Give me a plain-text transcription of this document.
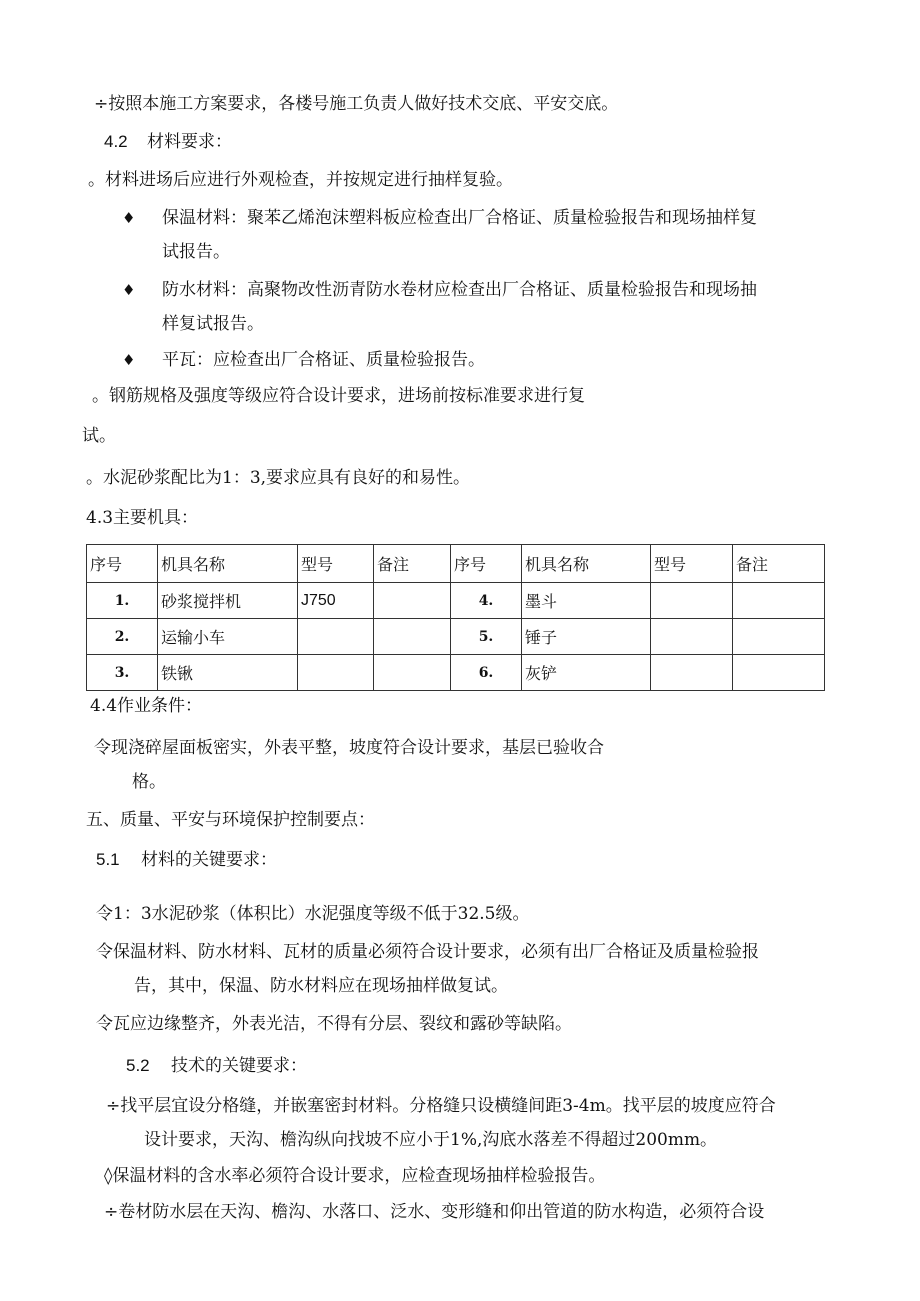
÷按照本施工方案要求，各楼号施工负责人做好技术交底、平安交底。
4.2 材料要求：
。材料进场后应进行外观检查，并按规定进行抽样复验。
♦ 保温材料：聚苯乙烯泡沫塑料板应检查出厂合格证、质量检验报告和现场抽样复
试报告。
♦ 防水材料：高聚物改性沥青防水卷材应检查出厂合格证、质量检验报告和现场抽
样复试报告。
♦ 平瓦：应检查出厂合格证、质量检验报告。
。钢筋规格及强度等级应符合设计要求，进场前按标准要求进行复
试。
。水泥砂浆配比为1：3,要求应具有良好的和易性。
4.3主要机具：
序号	机具名称	型号	备注	序号	机具名称	型号	备注
1.	砂浆搅拌机	J750		4.	墨斗		
2.	运输小车			5.	锤子		
3.	铁锹			6.	灰铲		
4.4作业条件：
令现浇碎屋面板密实，外表平整，坡度符合设计要求，基层已验收合
格。
五、质量、平安与环境保护控制要点：
5.1 材料的关键要求：
令1：3水泥砂浆（体积比）水泥强度等级不低于32.5级。
令保温材料、防水材料、瓦材的质量必须符合设计要求，必须有出厂合格证及质量检验报
告，其中，保温、防水材料应在现场抽样做复试。
令瓦应边缘整齐，外表光洁，不得有分层、裂纹和露砂等缺陷。
5.2 技术的关键要求：
÷找平层宜设分格缝，并嵌塞密封材料。分格缝只设横缝间距3-4m。找平层的坡度应符合
设计要求，天沟、檐沟纵向找坡不应小于1%,沟底水落差不得超过200mm。
◊保温材料的含水率必须符合设计要求，应检查现场抽样检验报告。
÷卷材防水层在天沟、檐沟、水落口、泛水、变形缝和仰出管道的防水构造，必须符合设
